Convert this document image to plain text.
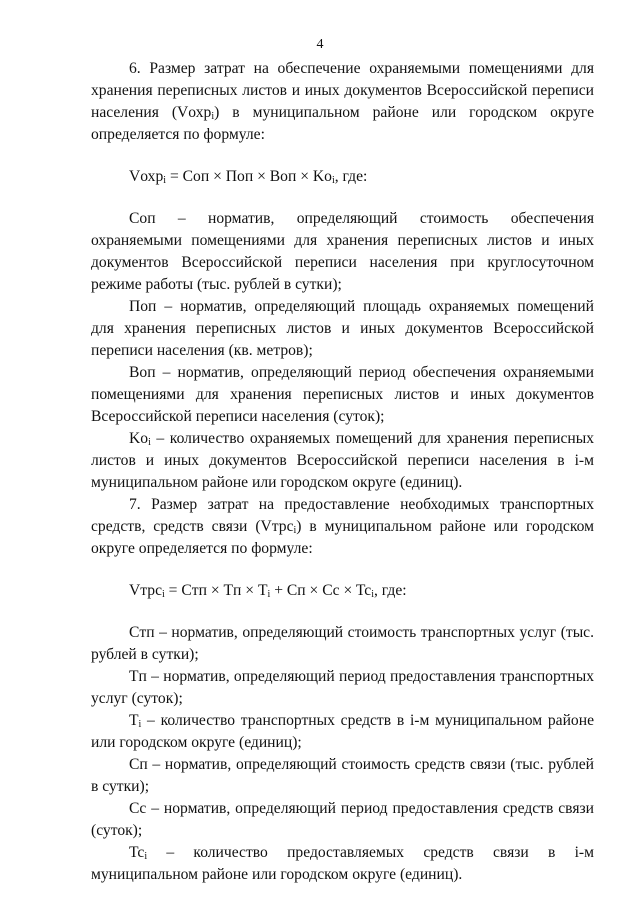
4

6. Размер затрат на обеспечение охраняемыми помещениями для хранения переписных листов и иных документов Всероссийской переписи населения (Vохр$_i$) в муниципальном районе или городском округе определяется по формуле:

Vохр$_i$ = Cоп × Пoп × Bоп × $Ko_i$, где:

Cоп – норматив, определяющий стоимость обеспечения охраняемыми помещениями для хранения переписных листов и иных документов Всероссийской переписи населения при круглосуточном режиме работы (тыс. рублей в сутки);

Пoп – норматив, определяющий площадь охраняемых помещений для хранения переписных листов и иных документов Всероссийской переписи населения (кв. метров);

Bоп – норматив, определяющий период обеспечения охраняемыми помещениями для хранения переписных листов и иных документов Всероссийской переписи населения (суток);

$Ko_i$ – количество охраняемых помещений для хранения переписных листов и иных документов Всероссийской переписи населения в i-м муниципальном районе или городском округе (единиц).

7. Размер затрат на предоставление необходимых транспортных средств, средств связи (Vтрс$_i$) в муниципальном районе или городском округе определяется по формуле:

Vтрс$_i$ = Cтп × Tп × $T_i$ + Cп × $Cc \times Tc_i$, где:

Cтп – норматив, определяющий стоимость транспортных услуг (тыс. рублей в сутки);

Tп – норматив, определяющий период предоставления транспортных услуг (суток);

$T_i$ – количество транспортных средств в i-м муниципальном районе или городском округе (единиц);

Cп – норматив, определяющий стоимость средств связи (тыс. рублей в сутки);

Cc – норматив, определяющий период предоставления средств связи (суток);

$Tc_i$ – количество предоставляемых средств связи в i-м муниципальном районе или городском округе (единиц).
